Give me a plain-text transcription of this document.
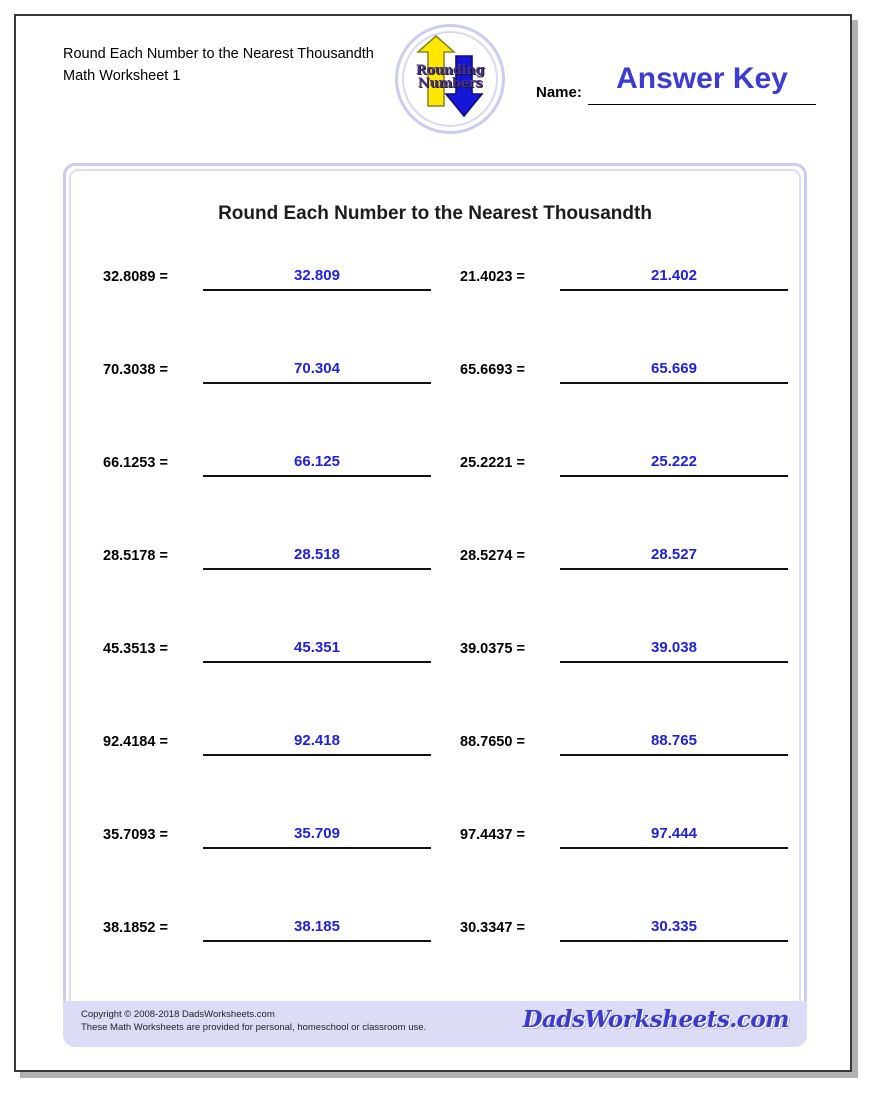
Round Each Number to the Nearest Thousandth
Math Worksheet 1	Rounding
Numbers
Name:	Answer Key
Round Each Number to the Nearest Thousandth
32.8089 =	32.809	21.4023 =	21.402
70.3038 =	70.304	65.6693 =	65.669
66.1253 =	66.125	25.2221 =	25.222
28.5178 =	28.518	28.5274 =	28.527
45.3513 =	45.351	39.0375 =	39.038
92.4184 =	92.418	88.7650 =	88.765
35.7093 =	35.709	97.4437 =	97.444
38.1852 =	38.185	30.3347 =	30.335
Copyright © 2008-2018 DadsWorksheets.com
These Math Worksheets are provided for personal, homeschool or classroom use.	DadsWorksheets.com
